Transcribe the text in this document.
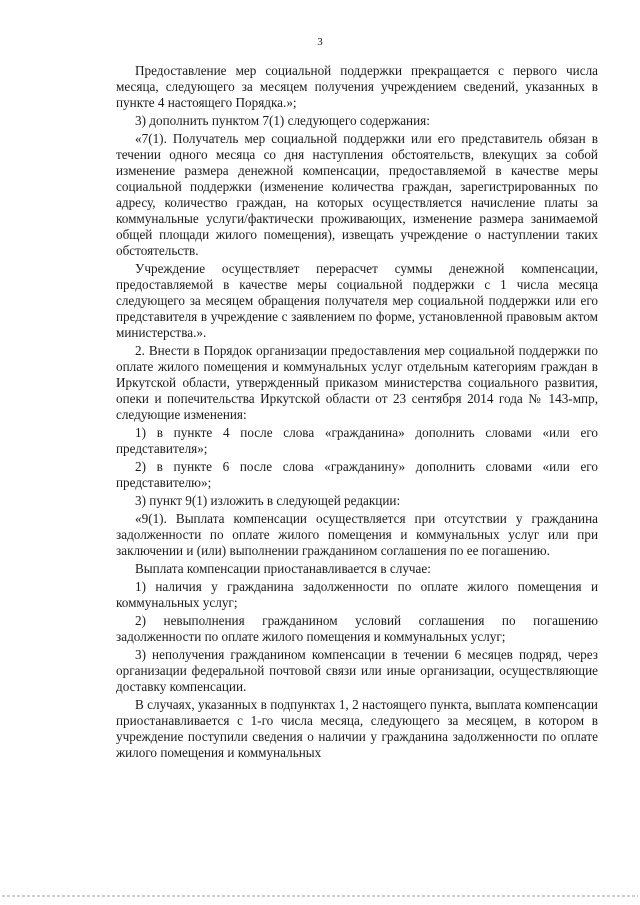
3

Предоставление мер социальной поддержки прекращается с первого числа месяца, следующего за месяцем получения учреждением сведений, указанных в пункте 4 настоящего Порядка.»;

3) дополнить пунктом 7(1) следующего содержания:

«7(1). Получатель мер социальной поддержки или его представитель обязан в течении одного месяца со дня наступления обстоятельств, влекущих за собой изменение размера денежной компенсации, предоставляемой в качестве меры социальной поддержки (изменение количества граждан, зарегистрированных по адресу, количество граждан, на которых осуществляется начисление платы за коммунальные услуги/фактически проживающих, изменение размера занимаемой общей площади жилого помещения), извещать учреждение о наступлении таких обстоятельств.

Учреждение осуществляет перерасчет суммы денежной компенсации, предоставляемой в качестве меры социальной поддержки с 1 числа месяца следующего за месяцем обращения получателя мер социальной поддержки или его представителя в учреждение с заявлением по форме, установленной правовым актом министерства.».

2. Внести в Порядок организации предоставления мер социальной поддержки по оплате жилого помещения и коммунальных услуг отдельным категориям граждан в Иркутской области, утвержденный приказом министерства социального развития, опеки и попечительства Иркутской области от 23 сентября 2014 года № 143-мпр, следующие изменения:

1) в пункте 4 после слова «гражданина» дополнить словами «или его представителя»;

2) в пункте 6 после слова «гражданину» дополнить словами «или его представителю»;

3) пункт 9(1) изложить в следующей редакции:

«9(1). Выплата компенсации осуществляется при отсутствии у гражданина задолженности по оплате жилого помещения и коммунальных услуг или при заключении и (или) выполнении гражданином соглашения по ее погашению.

Выплата компенсации приостанавливается в случае:

1) наличия у гражданина задолженности по оплате жилого помещения и коммунальных услуг;

2) невыполнения гражданином условий соглашения по погашению задолженности по оплате жилого помещения и коммунальных услуг;

3) неполучения гражданином компенсации в течении 6 месяцев подряд, через организации федеральной почтовой связи или иные организации, осуществляющие доставку компенсации.

В случаях, указанных в подпунктах 1, 2 настоящего пункта, выплата компенсации приостанавливается с 1-го числа месяца, следующего за месяцем, в котором в учреждение поступили сведения о наличии у гражданина задолженности по оплате жилого помещения и коммунальных
